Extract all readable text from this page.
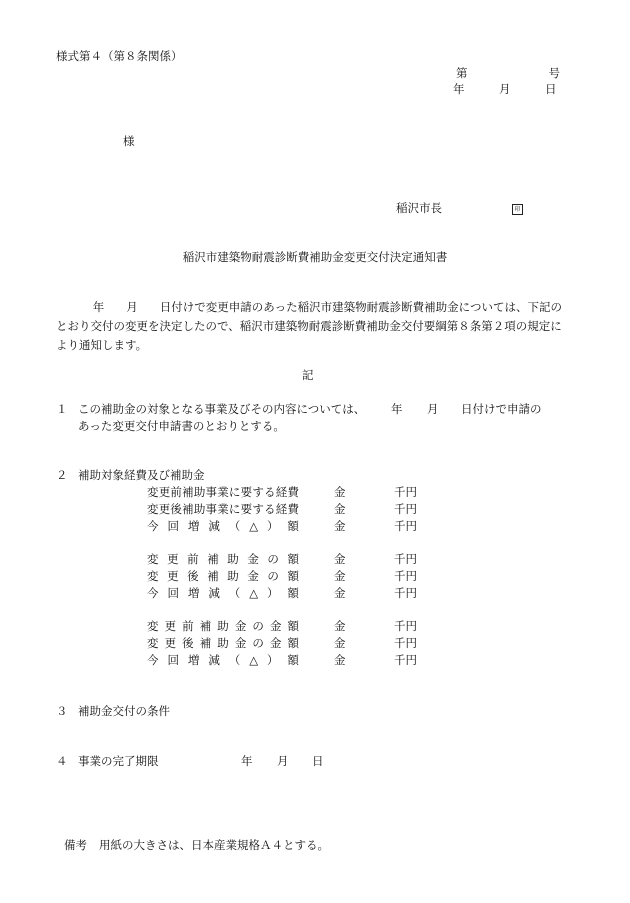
様式第４（第８条関係）
第	号
年	月	日
様
稲沢市長	印
稲沢市建築物耐震診断費補助金変更交付決定通知書
年 月 日付けで変更申請のあった稲沢市建築物耐震診断費補助金については、下記のとおり交付の変更を決定したので、稲沢市建築物耐震診断費補助金交付要綱第８条第２項の規定により通知します。
記
１ この補助金の対象となる事業及びその内容については、 年 月 日付けで申請の
あった変更交付申請書のとおりとする。
２ 補助対象経費及び補助金
変 更 前 補 助 事 業 に 要 す る 経 費	金	千円
変 更 後 補 助 事 業 に 要 す る 経 費	金	千円
今 回 増 減 （ △ ） 額	金	千円
変 更 前 補 助 金 の 額	金	千円
変 更 後 補 助 金 の 額	金	千円
今 回 増 減 （ △ ） 額	金	千円
変 更 前 補 助 金 の 金 額	金	千円
変 更 後 補 助 金 の 金 額	金	千円
今 回 増 減 （ △ ） 額	金	千円
３ 補助金交付の条件
４ 事業の完了期限	年 月 日
備考 用紙の大きさは、日本産業規格Ａ４とする。
